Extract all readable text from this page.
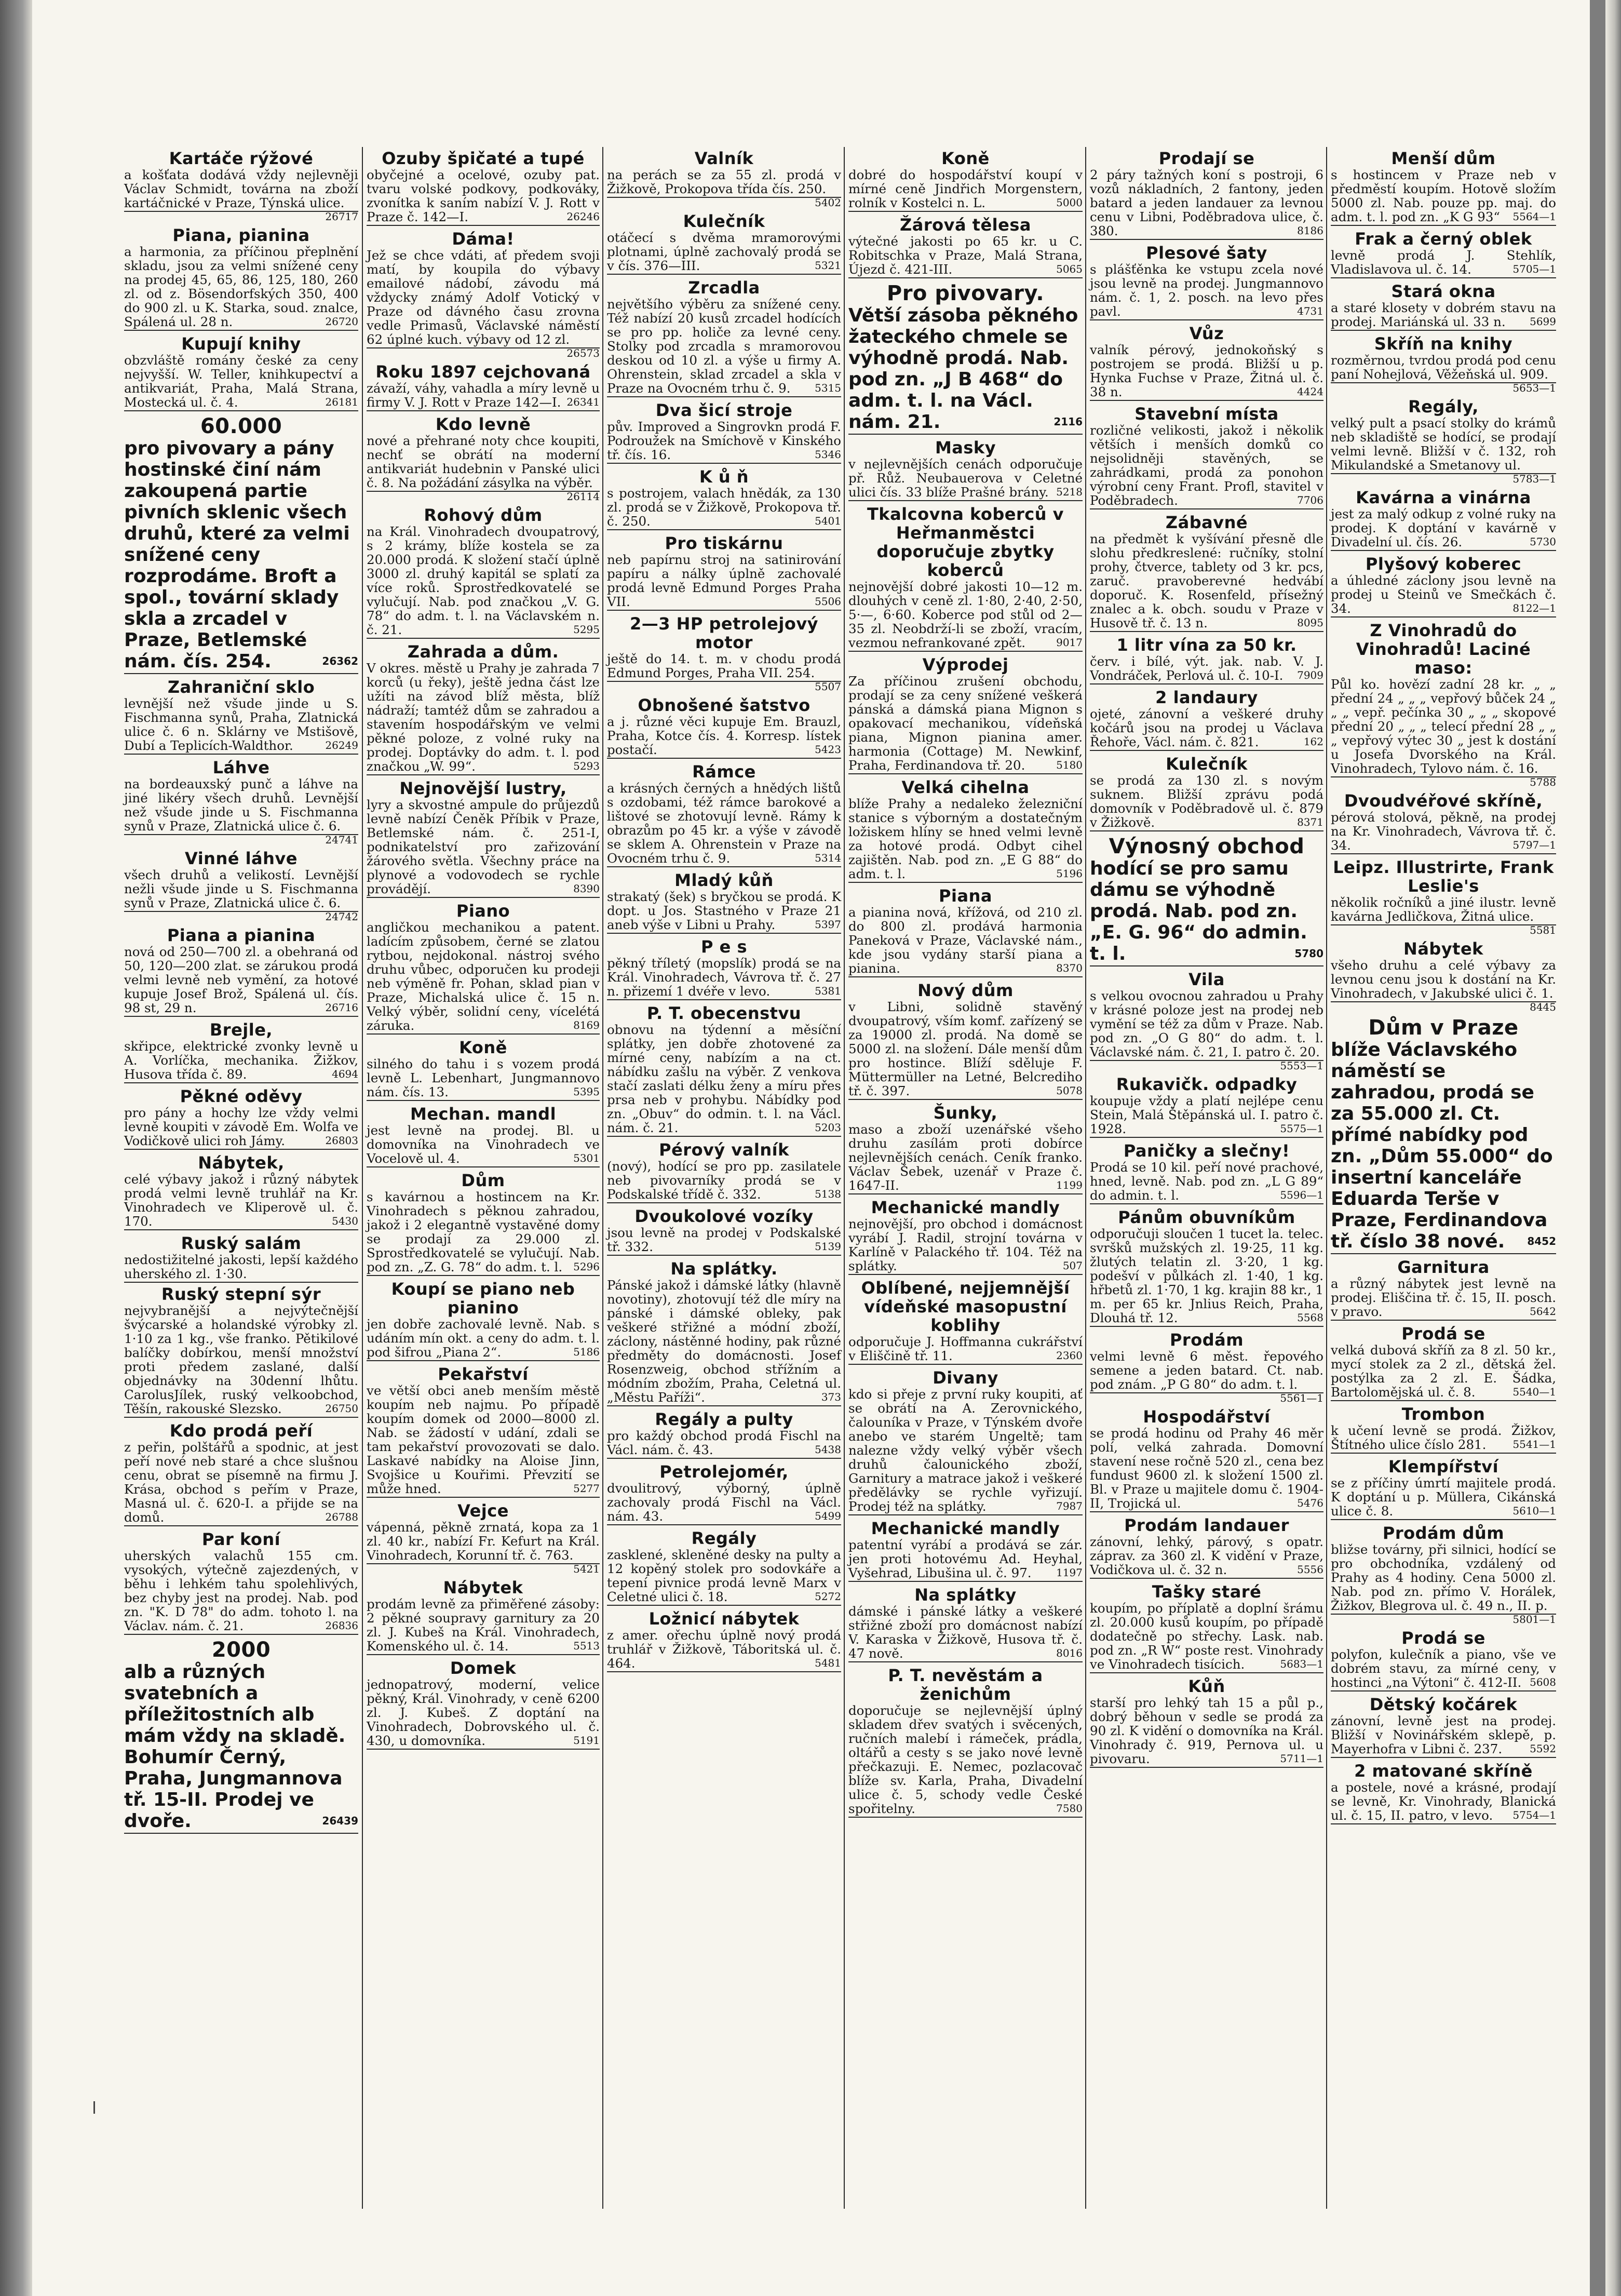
Kartáče rýžové
a košťata dodává vždy nejlevněji Václav Schmidt, továrna na zboží kartáčnické v Praze, Týnská ulice.
26717
Piana, pianina
a harmonia, za příčinou přeplnění skladu, jsou za velmi snížené ceny na prodej 45, 65, 86, 125, 180, 260 zl. od z. Bösendorfských 350, 400 do 900 zl. u K. Starka, soud. znalce, Spálená ul. 28 n.	26720
Kupují knihy
obzvláště romány české za ceny nejvyšší. W. Teller, knihkupectví a antikvariát, Praha, Malá Strana, Mostecká ul. č. 4.	26181
60.000
pro pivovary a pány hostinské činí nám zakoupená partie pivních sklenic všech druhů, které za velmi snížené ceny rozprodáme. Broft a spol., tovární sklady skla a zrcadel v Praze, Betlemské nám. čís. 254.	26362
Zahraniční sklo
levnější než všude jinde u S. Fischmanna synů, Praha, Zlatnická ulice č. 6 n. Sklárny ve Mstišově, Dubí a Teplicích-Waldthor.	26249
Láhve
na bordeauxský punč a láhve na jiné likéry všech druhů. Levnější než všude jinde u S. Fischmanna synů v Praze, Zlatnická ulice č. 6.
24741
Vinné láhve
všech druhů a velikostí. Levnější nežli všude jinde u S. Fischmanna synů v Praze, Zlatnická ulice č. 6.
24742
Piana a pianina
nová od 250—700 zl. a obehraná od 50, 120—200 zlat. se zárukou prodá velmi levně neb vymění, za hotové kupuje Josef Brož, Spálená ul. čís. 98 st, 29 n.	26716
Brejle,
skřipce, elektrické zvonky levně u A. Vorlíčka, mechanika. Žižkov, Husova třída č. 89.	4694
Pěkné oděvy
pro pány a hochy lze vždy velmi levně koupiti v závodě Em. Wolfa ve Vodičkově ulici roh Jámy.	26803
Nábytek,
celé výbavy jakož i různý nábytek prodá velmi levně truhlář na Kr. Vinohradech ve Kliperově ul. č. 170.	5430
Ruský salám
nedostižitelné jakosti, lepší každého uherského zl. 1·30.
Ruský stepní sýr
nejvybranější a nejvýtečnější švýcarské a holandské výrobky zl. 1·10 za 1 kg., vše franko. Pětikilové balíčky dobírkou, menší množství proti předem zaslané, další objednávky na 30denní lhůtu. CarolusJílek, ruský velkoobchod, Těšín, rakouské Slezsko.	26750
Kdo prodá peří
z peřin, polštářů a spodnic, at jest peří nové neb staré a chce slušnou cenu, obrat se písemně na firmu J. Krása, obchod s peřím v Praze, Masná ul. č. 620-I. a přijde se na domů.	26788
Par koní
uherských valachů 155 cm. vysokých, výtečně zajezdených, v běhu i lehkém tahu spolehlivých, bez chyby jest na prodej. Nab. pod zn. "K. D 78" do adm. tohoto l. na Václav. nám. č. 21.	26836
2000
alb a různých svatebních a příležitostních alb mám vždy na skladě. Bohumír Černý, Praha, Jungmannova tř. 15-II. Prodej ve dvoře.	26439
Ozuby špičaté a tupé
obyčejné a ocelové, ozuby pat. tvaru volské podkovy, podkováky, zvonítka k saním nabízí V. J. Rott v Praze č. 142—I.	26246
Dáma!
Jež se chce vdáti, ať předem svoji matí, by koupila do výbavy emailové nádobí, závodu má vždycky známý Adolf Votický v Praze od dávného času zrovna vedle Primasů, Václavské náměstí 62 úplné kuch. výbavy od 12 zl.
26573
Roku 1897 cejchovaná
závaží, váhy, vahadla a míry levně u firmy V. J. Rott v Praze 142—I. 26341
Kdo levně
nové a přehrané noty chce koupiti, nechť se obrátí na moderní antikvariát hudebnin v Panské ulici č. 8. Na požádání zásylka na výběr.
26114
Rohový dům
na Král. Vinohradech dvoupatrový, s 2 krámy, blíže kostela se za 20.000 prodá. K složení stačí úplně 3000 zl. druhý kapitál se splatí za více roků. Sprostředkovatelé se vylučují. Nab. pod značkou „V. G. 78“ do adm. t. l. na Václavském n. č. 21.	5295
Zahrada a dům.
V okres. městě u Prahy je zahrada 7 korců (u řeky), ještě jedna část lze užíti na závod blíž města, blíž nádraží; tamtéž dům se zahradou a stavením hospodářským ve velmi pěkné poloze, z volné ruky na prodej. Doptávky do adm. t. l. pod značkou „W. 99“.	5293
Nejnovější lustry,
lyry a skvostné ampule do průjezdů levně nabízí Čeněk Příbik v Praze, Betlemské nám. č. 251-I, podnikatelství pro zařizování žárového světla. Všechny práce na plynové a vodovodech se rychle provádějí.	8390
Piano
angličkou mechanikou a patent. ladícím způsobem, černé se zlatou rytbou, nejdokonal. nástroj svého druhu vůbec, odporučen ku prodeji neb výměně fr. Pohan, sklad pian v Praze, Michalská ulice č. 15 n. Velký výběr, solidní ceny, vícelétá záruka.	8169
Koně
silného do tahu i s vozem prodá levně L. Lebenhart, Jungmannovo nám. čís. 13.	5395
Mechan. mandl
jest levně na prodej. Bl. u domovníka na Vinohradech ve Vocelově ul. 4.	5301
Dům
s kavárnou a hostincem na Kr. Vinohradech s pěknou zahradou, jakož i 2 elegantně vystavěné domy se prodají za 29.000 zl. Sprostředkovatelé se vylučují. Nab. pod zn. „Z. G. 78“ do adm. t. l.	5296
Koupí se piano neb pianino
jen dobře zachovalé levně. Nab. s udáním mín okt. a ceny do adm. t. l. pod šifrou „Piana 2“.	5186
Pekařství
ve větší obci aneb menším městě koupím neb najmu. Po případě koupím domek od 2000—8000 zl. Nab. se žádostí v udání, zdali se tam pekařství provozovati se dalo. Laskavé nabídky na Aloise Jinn, Svojšice u Kouřimi. Převzití se může hned.	5277
Vejce
vápenná, pěkně zrnatá, kopa za 1 zl. 40 kr., nabízí Fr. Kefurt na Král. Vinohradech, Korunní tř. č. 763.
5421
Nábytek
prodám levně za přiměřené zásoby: 2 pěkné soupravy garnitury za 20 zl. J. Kubeš na Král. Vinohradech, Komenského ul. č. 14.	5513
Domek
jednopatrový, moderní, velice pěkný, Král. Vinohrady, v ceně 6200 zl. J. Kubeš. Z doptání na Vinohradech, Dobrovského ul. č. 430, u domovníka.	5191
Valník
na perách se za 55 zl. prodá v Žižkově, Prokopova třída čís. 250.
5402
Kulečník
otáčecí s dvěma mramorovými plotnami, úplně zachovalý prodá se v čís. 376—III.	5321
Zrcadla
největšího výběru za snížené ceny. Též nabízí 20 kusů zrcadel hodících se pro pp. holiče za levné ceny. Stolky pod zrcadla s mramorovou deskou od 10 zl. a výše u firmy A. Ohrenstein, sklad zrcadel a skla v Praze na Ovocném trhu č. 9.	5315
Dva šicí stroje
pův. Improved a Singrovkn prodá F. Podroužek na Smíchově v Kinského tř. čís. 16.	5346
K ů ň
s postrojem, valach hnědák, za 130 zl. prodá se v Žižkově, Prokopova tř. č. 250.	5401
Pro tiskárnu
neb papírnu stroj na satinirování papíru a nálky úplně zachovalé prodá levně Edmund Porges Praha VII.	5506
2—3 HP petrolejový motor
ještě do 14. t. m. v chodu prodá Edmund Porges, Praha VII. 254.
5507
Obnošené šatstvo
a j. různé věci kupuje Em. Brauzl, Praha, Kotce čís. 4. Korresp. lístek postačí.	5423
Rámce
a krásných černých a hnědých lištů s ozdobami, též rámce barokové a lištové se zhotovují levně. Rámy k obrazům po 45 kr. a výše v závodě se sklem A. Ohrenstein v Praze na Ovocném trhu č. 9.	5314
Mladý kůň
strakatý (šek) s bryčkou se prodá. K dopt. u Jos. Stastného v Praze 21 aneb výše v Libni u Prahy.	5397
P e s
pěkný tříletý (mopslík) prodá se na Král. Vinohradech, Vávrova tř. č. 27 n. přizemí 1 dvéře v levo.	5381
P. T. obecenstvu
obnovu na týdenní a měsíční splátky, jen dobře zhotovené za mírné ceny, nabízím a na ct. nábídku zašlu na výběr. Z venkova stačí zaslati délku ženy a míru přes prsa neb v prohybu. Nábídky pod zn. „Obuv“ do odmin. t. l. na Václ. nám. č. 21.	5203
Pérový valník
(nový), hodící se pro pp. zasilatele neb pivovarníky prodá se v Podskalské třídě č. 332.	5138
Dvoukolové vozíky
jsou levně na prodej v Podskalské tř. 332.	5139
Na splátky.
Pánské jakož i dámské látky (hlavně novotiny), zhotovují též dle míry na pánské i dámské obleky, pak veškeré střižné a módní zboží, záclony, nástěnné hodiny, pak různé předměty do domácnosti. Josef Rosenzweig, obchod střížním a módním zbožím, Praha, Celetná ul. „Městu Paříži“.	373
Regály a pulty
pro každý obchod prodá Fischl na Václ. nám. č. 43.	5438
Petrolejomér,
dvoulitrový, výborný, úplně zachovaly prodá Fischl na Václ. nám. 43.	5499
Regály
zasklené, skleněné desky na pulty a 12 kopěný stolek pro sodovkáře a tepení pivnice prodá levně Marx v Celetné ulici č. 18.	5272
Ložnicí nábytek
z amer. ořechu úplně nový prodá truhlář v Žižkově, Táboritská ul. č. 464.	5481
Koně
dobré do hospodářství koupí v mírné ceně Jindřich Morgenstern, rolník v Kostelci n. L.	5000
Žárová tělesa
výtečné jakosti po 65 kr. u C. Robitschka v Praze, Malá Strana, Újezd č. 421-III.	5065
Pro pivovary.
Větší zásoba pěkného žateckého chmele se výhodně prodá. Nab. pod zn. „J B 468“ do adm. t. l. na Václ. nám. 21.	2116
Masky
v nejlevnějších cenách odporučuje př. Růž. Neubauerova v Celetné ulici čís. 33 blíže Prašné brány. 5218
Tkalcovna koberců v Heřmanměstci doporučuje zbytky koberců
nejnovější dobré jakosti 10—12 m. dlouhých v ceně zl. 1·80, 2·40, 2·50, 5·—, 6·60. Koberce pod stůl od 2—35 zl. Neobdrží-li se zboží, vracím, vezmou nefrankované zpět.	9017
Výprodej
Za příčinou zrušení obchodu, prodají se za ceny snížené veškerá pánská a dámská piana Mignon s opakovací mechanikou, vídeňská piana, Mignon pianina amer. harmonia (Cottage) M. Newkinf, Praha, Ferdinandova tř. 20.	5180
Velká cihelna
blíže Prahy a nedaleko železniční stanice s výborným a dostatečným ložiskem hlíny se hned velmi levně za hotové prodá. Odbyt cihel zajištěn. Nab. pod zn. „E G 88“ do adm. t. l.	5196
Piana
a pianina nová, křížová, od 210 zl. do 800 zl. prodává harmonia Paneková v Praze, Václavské nám., kde jsou vydány starší piana a pianina.	8370
Nový dům
v Libni, solidně stavěný dvoupatrový, vším komf. zařízený se za 19000 zl. prodá. Na domě se 5000 zl. na složení. Dále menší dům pro hostince. Blíží sděluje F. Müttermüller na Letné, Belcrediho tř. č. 397.	5078
Šunky,
maso a zboží uzenářské všeho druhu zasílám proti dobírce nejlevnějších cenách. Ceník franko. Václav Šebek, uzenář v Praze č. 1647-II.	1199
Mechanické mandly
nejnovější, pro obchod i domácnost vyrábí J. Radil, strojní továrna v Karlíně v Palackého tř. 104. Též na splátky.	507
Oblíbené, nejjemnější vídeňské masopustní koblihy
odporučuje J. Hoffmanna cukrářství v Eliščině tř. 11.	2360
Divany
kdo si přeje z první ruky koupiti, ať se obrátí na A. Zerovnického, čalouníka v Praze, v Týnském dvoře anebo ve starém Ungeltě; tam nalezne vždy velký výběr všech druhů čalounického zboží, Garnitury a matrace jakož i veškeré předělávky se rychle vyřizují. Prodej též na splátky.	7987
Mechanické mandly
patentní vyrábí a prodává se zár. jen proti hotovému Ad. Heyhal, Vyšehrad, Libušina ul. č. 97.	1197
Na splátky
dámské i pánské látky a veškeré střižné zboží pro domácnost nabízí V. Karaska v Žižkově, Husova tř. č. 47 nově.	8016
P. T. nevěstám a ženichům
doporučuje se nejlevnější úplný skladem dřev svatých i svěcených, ručních malebí i rámeček, prádla, oltářů a cesty s se jako nové levně přečkazuji. E. Nemec, pozlacovač blíže sv. Karla, Praha, Divadelní ulice č. 5, schody vedle České spořitelny.	7580
Prodají se
2 páry tažných koní s postroji, 6 vozů nákladních, 2 fantony, jeden batard a jeden landauer za levnou cenu v Libni, Poděbradova ulice, č. 380.	8186
Plesové šaty
s plášťěnka ke vstupu zcela nové jsou levně na prodej. Jungmannovo nám. č. 1, 2. posch. na levo přes pavl.	4731
Vůz
valník pérový, jednokoňský s postrojem se prodá. Bližší u p. Hynka Fuchse v Praze, Žitná ul. č. 38 n.	4424
Stavební místa
rozličné velikosti, jakož i několik větších i menších domků co nejsolidněji stavěných, se zahrádkami, prodá za ponohon výrobní ceny Frant. Profl, stavitel v Poděbradech.	7706
Zábavné
na předmět k vyšívání přesně dle slohu předkreslené: ručníky, stolní prohy, čtverce, tablety od 3 kr. pcs, zaruč. pravoberevné hedvábí doporuč. K. Rosenfeld, přísežný znalec a k. obch. soudu v Praze v Husově tř. č. 13 n.	8095
1 litr vína za 50 kr.
červ. i bílé, výt. jak. nab. V. J. Vondráček, Perlová ul. č. 10-I.	7909
2 landaury
ojeté, zánovní a veškeré druhy kočárů jsou na prodej u Václava Řehoře, Václ. nám. č. 821.	162
Kulečník
se prodá za 130 zl. s novým suknem. Bližší zprávu podá domovník v Poděbradově ul. č. 879 v Žižkově.	8371
Výnosný obchod
hodící se pro samu dámu se výhodně prodá. Nab. pod zn. „E. G. 96“ do admin. t. l.	5780
Vila
s velkou ovocnou zahradou u Prahy v krásné poloze jest na prodej neb vymění se též za dům v Praze. Nab. pod zn. „O G 80“ do adm. t. l. Václavské nám. č. 21, I. patro č. 20.
5553—1
Rukavičk. odpadky
koupuje vždy a platí nejlépe cenu Stein, Malá Štěpánská ul. I. patro č. 1928.	5575—1
Paničky a slečny!
Prodá se 10 kil. peří nové prachové, hned, levně. Nab. pod zn. „L G 89“ do admin. t. l.	5596—1
Pánům obuvníkům
odporučuji sloučen 1 tucet la. telec. svršků mužských zl. 19·25, 11 kg. žlutých telatin zl. 3·20, 1 kg. podešví v půlkách zl. 1·40, 1 kg. hřbetů zl. 1·70, 1 kg. krajin 88 kr., 1 m. per 65 kr. Jnlius Reich, Praha, Dlouhá tř. 12.	5568
Prodám
velmi levně 6 měst. řepového semene a jeden batard. Ct. nab. pod znám. „P G 80“ do adm. t. l.
5561—1
Hospodářství
se prodá hodinu od Prahy 46 měr polí, velká zahrada. Domovní stavení nese ročně 520 zl., cena bez fundust 9600 zl. k složení 1500 zl. Bl. v Praze u majitele domu č. 1904-II, Trojická ul.	5476
Prodám landauer
zánovní, lehký, párový, s opatr. záprav. za 360 zl. K vidění v Praze, Vodičkova ul. č. 32 n.	5556
Tašky staré
koupím, po příplatě a doplní šrámu zl. 20.000 kusů koupím, po případě dodatečně po střechy. Lask. nab. pod zn. „R W“ poste rest. Vinohrady ve Vinohradech tisícich.	5683—1
Kůň
starší pro lehký tah 15 a půl p., dobrý běhoun v sedle se prodá za 90 zl. K vidění o domovníka na Král. Vinohrady č. 919, Pernova ul. u pivovaru.	5711—1
Menší dům
s hostincem v Praze neb v předměstí koupím. Hotově složím 5000 zl. Nab. pouze pp. maj. do adm. t. l. pod zn. „K G 93“	5564—1
Frak a černý oblek
levně prodá J. Stehlík, Vladislavova ul. č. 14.	5705—1
Stará okna
a staré klosety v dobrém stavu na prodej. Mariánská ul. 33 n.	5699
Skříň na knihy
rozměrnou, tvrdou prodá pod cenu paní Nohejlová, Věžeňská ul. 909.
5653—1
Regály,
velký pult a psací stolky do krámů neb skladiště se hodící, se prodají velmi levně. Bližší v č. 132, roh Mikulandské a Smetanovy ul.
5783—1
Kavárna a vinárna
jest za malý odkup z volné ruky na prodej. K doptání v kavárně v Divadelní ul. čís. 26.	5730
Plyšový koberec
a úhledné záclony jsou levně na prodej u Steinů ve Smečkách č. 34.	8122—1
Z Vinohradů do Vinohradů! Laciné maso:
Půl ko. hovězí zadní 28 kr. „ „ přední 24 „ „ „ vepřový bůček 24 „ „ „ vepř. pečínka 30 „ „ „ skopové přední 20 „ „ „ telecí přední 28 „ „ „ vepřový výtec 30 „ jest k dostání u Josefa Dvorského na Král. Vinohradech, Tylovo nám. č. 16.
5788
Dvoudvéřové skříně,
pérová stolová, pěkně, na prodej na Kr. Vinohradech, Vávrova tř. č. 34.	5797—1
Leipz. Illustrirte, Frank Leslie's
několik ročníků a jiné ilustr. levně kavárna Jedličkova, Žitná ulice.
5581
Nábytek
všeho druhu a celé výbavy za levnou cenu jsou k dostání na Kr. Vinohradech, v Jakubské ulici č. 1.
8445
Dům v Praze
blíže Václavského náměstí se zahradou, prodá se za 55.000 zl. Ct. přímé nabídky pod zn. „Dům 55.000“ do insertní kanceláře Eduarda Terše v Praze, Ferdinandova tř. číslo 38 nové.	8452
Garnitura
a různý nábytek jest levně na prodej. Eliščina tř. č. 15, II. posch. v pravo.	5642
Prodá se
velká dubová skříň za 8 zl. 50 kr., mycí stolek za 2 zl., dětská žel. postýlka za 2 zl. E. Šádka, Bartolomějská ul. č. 8.	5540—1
Trombon
k učení levně se prodá. Žižkov, Štítného ulice číslo 281.	5541—1
Klempířství
se z příčiny úmrtí majitele prodá. K doptání u p. Müllera, Cikánská ulice č. 8.	5610—1
Prodám dům
bližse továrny, při silnici, hodící se pro obchodníka, vzdálený od Prahy as 4 hodiny. Cena 5000 zl. Nab. pod zn. přímo V. Horálek, Žižkov, Blegrova ul. č. 49 n., II. p.
5801—1
Prodá se
polyfon, kulečník a piano, vše ve dobrém stavu, za mírné ceny, v hostinci „na Výtoni“ č. 412-II. 5608
Dětský kočárek
zánovní, levně jest na prodej. Bližší v Novinářském sklepě, p. Mayerhofra v Libni č. 237.	5592
2 matované skříně
a postele, nové a krásné, prodají se levně, Kr. Vinohrady, Blanická ul. č. 15, II. patro, v levo.	5754—1
